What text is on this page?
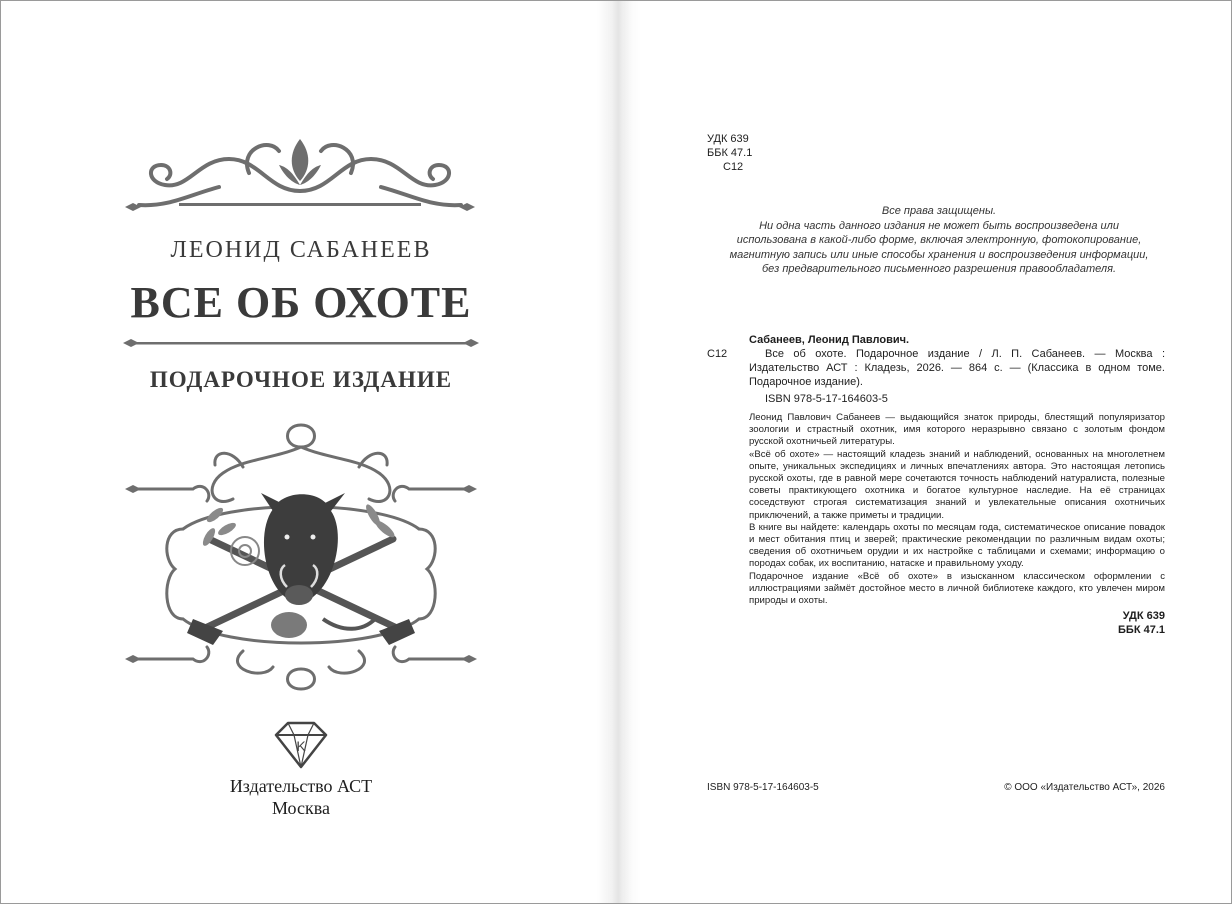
ЛЕОНИД САБАНЕЕВ
ВСЕ ОБ ОХОТЕ
ПОДАРОЧНОЕ ИЗДАНИЕ
K
Издательство АСТ
Москва
УДК 639
ББК 47.1
С12
Все права защищены.
Ни одна часть данного издания не может быть воспроизведена или
использована в какой-либо форме, включая электронную, фотокопирование,
магнитную запись или иные способы хранения и воспроизведения информации,
без предварительного письменного разрешения правообладателя.
Сабанеев, Леонид Павлович.
С12	Все об охоте. Подарочное издание / Л. П. Сабанеев. — Москва : Издательство АСТ : Кладезь, 2026. — 864 с. — (Классика в одном томе. Подарочное издание).
ISBN 978-5-17-164603-5

Леонид Павлович Сабанеев — выдающийся знаток природы, блестящий популяризатор зоологии и страстный охотник, имя которого неразрывно связано с золотым фондом русской охотничьей литературы.

«Всё об охоте» — настоящий кладезь знаний и наблюдений, основанных на многолетнем опыте, уникальных экспедициях и личных впечатлениях автора. Это настоящая летопись русской охоты, где в равной мере сочетаются точность наблюдений натуралиста, полезные советы практикующего охотника и богатое культурное наследие. На её страницах соседствуют строгая систематизация знаний и увлекательные описания охотничьих приключений, а также приметы и традиции.

В книге вы найдете: календарь охоты по месяцам года, систематическое описание повадок и мест обитания птиц и зверей; практические рекомендации по различным видам охоты; сведения об охотничьем орудии и их настройке с таблицами и схемами; информацию о породах собак, их воспитанию, натаске и правильному уходу.

Подарочное издание «Всё об охоте» в изысканном классическом оформлении с иллюстрациями займёт достойное место в личной библиотеке каждого, кто увлечен миром природы и охоты.

УДК 639
ББК 47.1
ISBN 978-5-17-164603-5	© ООО «Издательство АСТ», 2026
